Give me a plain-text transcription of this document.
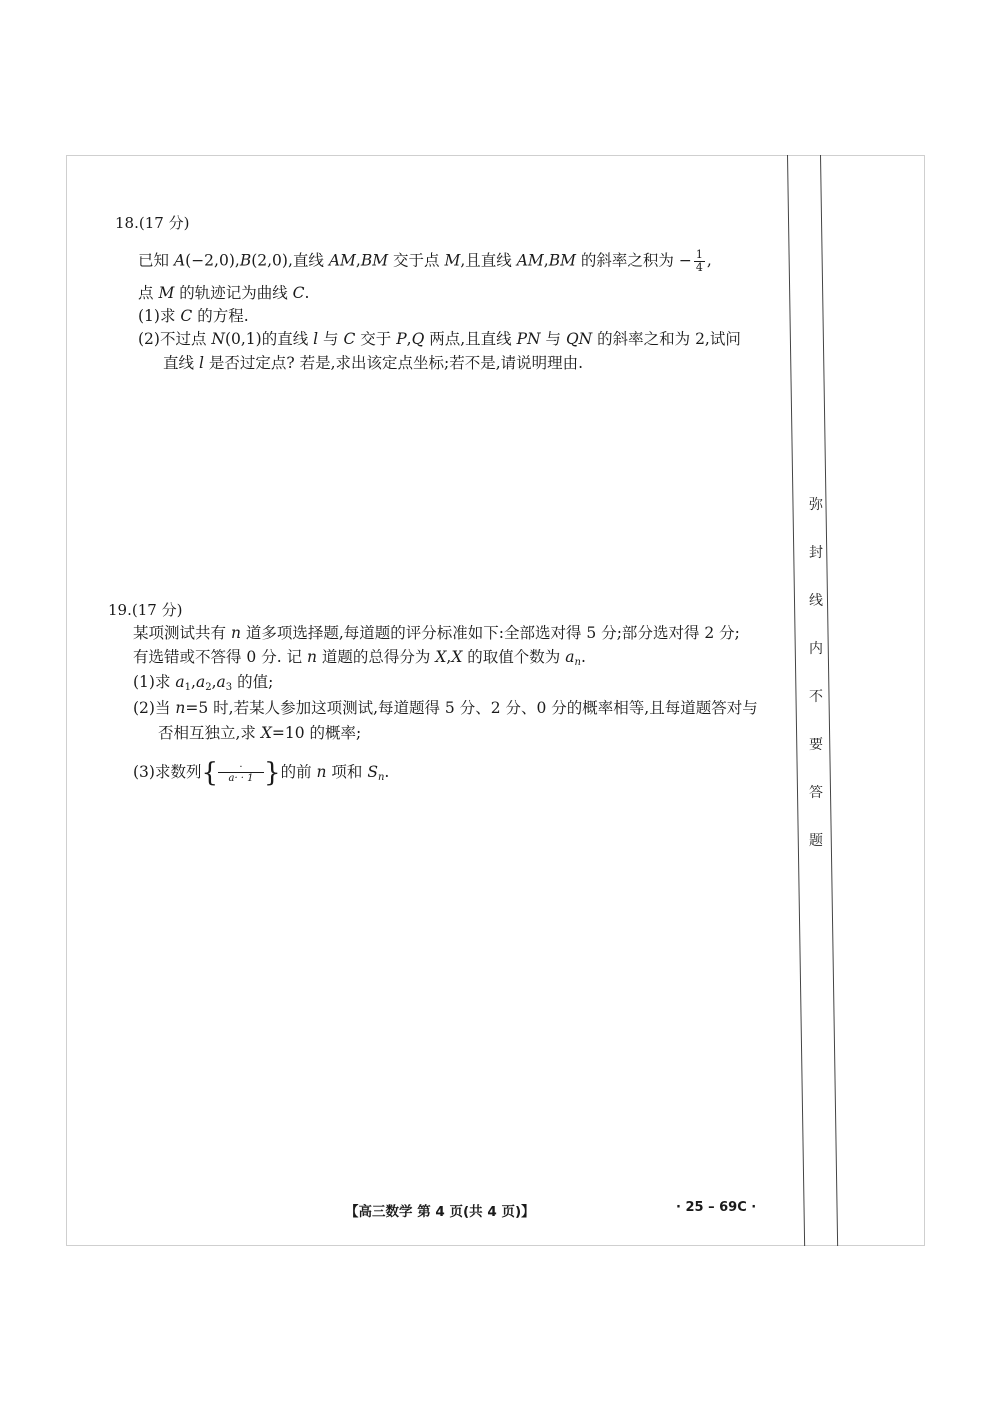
弥
封
线
内
不
要
答
题
18.(17 分)
已知 A(−2,0),B(2,0),直线 AM,BM 交于点 M,且直线 AM,BM 的斜率之积为 − $\frac{1}{4}$ ,
点 M 的轨迹记为曲线 C.
(1)求 C 的方程.
(2)不过点 N(0,1)的直线 l 与 C 交于 P,Q 两点,且直线 PN 与 QN 的斜率之和为 2,试问
直线 l 是否过定点? 若是,求出该定点坐标;若不是,请说明理由.
19.(17 分)
某项测试共有 n 道多项选择题,每道题的评分标准如下:全部选对得 5 分;部分选对得 2 分;
有选错或不答得 0 分. 记 n 道题的总得分为 X,X 的取值个数为 $a_n$.
(1)求 $a_1,a_2,a_3$ 的值;
(2)当 n=5 时,若某人参加这项测试,每道题得 5 分、2 分、0 分的概率相等,且每道题答对与
否相互独立,求 X=10 的概率;
(3)求数列{ $\frac{\cdot}{a\cdot \cdot 1}$ }的前 n 项和 $S_n$.
【高三数学 第 4 页(共 4 页)】	· 25 – 69C ·
